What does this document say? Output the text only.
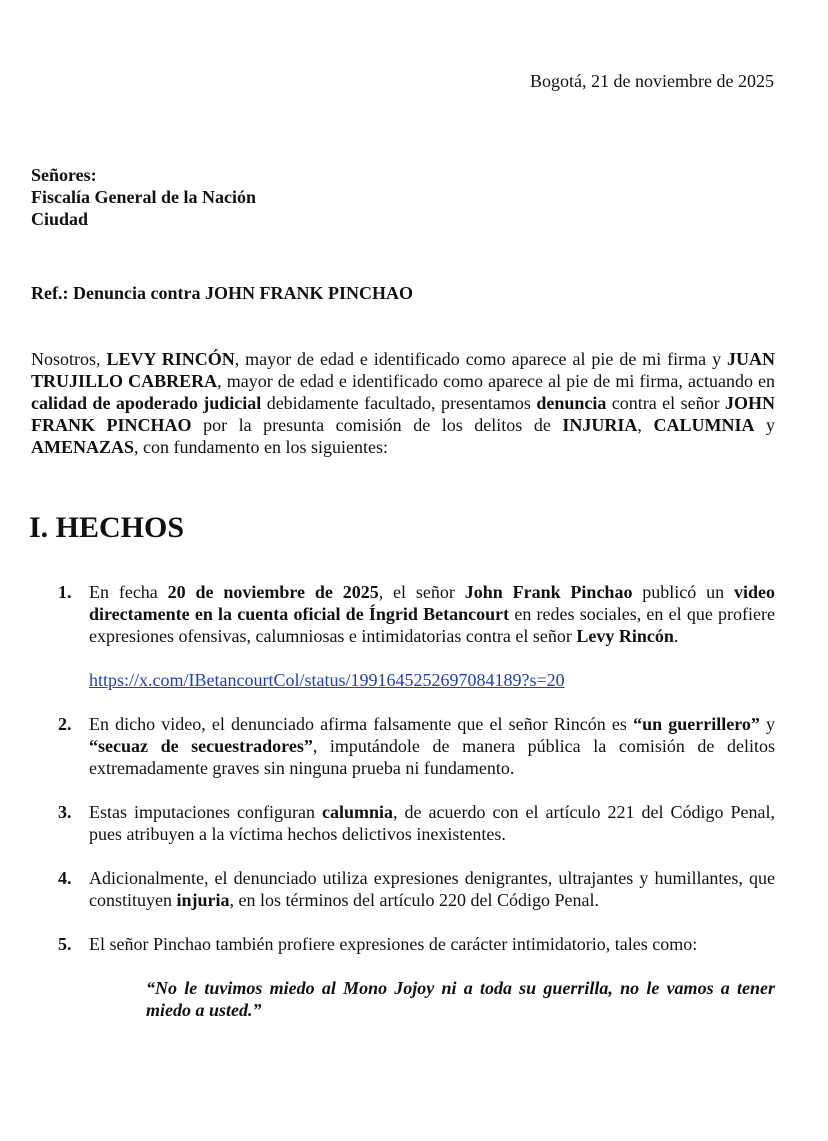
Bogotá, 21 de noviembre de 2025
Señores:
Fiscalía General de la Nación
Ciudad
Ref.: Denuncia contra JOHN FRANK PINCHAO

Nosotros, LEVY RINCÓN, mayor de edad e identificado como aparece al pie de mi firma y JUAN TRUJILLO CABRERA, mayor de edad e identificado como aparece al pie de mi firma, actuando en calidad de apoderado judicial debidamente facultado, presentamos denuncia contra el señor JOHN FRANK PINCHAO por la presunta comisión de los delitos de INJURIA, CALUMNIA y AMENAZAS, con fundamento en los siguientes:

I. HECHOS
1. En fecha 20 de noviembre de 2025, el señor John Frank Pinchao publicó un video directamente en la cuenta oficial de Íngrid Betancourt en redes sociales, en el que profiere expresiones ofensivas, calumniosas e intimidatorias contra el señor Levy Rincón.
https://x.com/IBetancourtCol/status/1991645252697084189?s=20
2. En dicho video, el denunciado afirma falsamente que el señor Rincón es “un guerrillero” y “secuaz de secuestradores”, imputándole de manera pública la comisión de delitos extremadamente graves sin ninguna prueba ni fundamento.
3. Estas imputaciones configuran calumnia, de acuerdo con el artículo 221 del Código Penal, pues atribuyen a la víctima hechos delictivos inexistentes.
4. Adicionalmente, el denunciado utiliza expresiones denigrantes, ultrajantes y humillantes, que constituyen injuria, en los términos del artículo 220 del Código Penal.
5. El señor Pinchao también profiere expresiones de carácter intimidatorio, tales como:
“No le tuvimos miedo al Mono Jojoy ni a toda su guerrilla, no le vamos a tener miedo a usted.”
